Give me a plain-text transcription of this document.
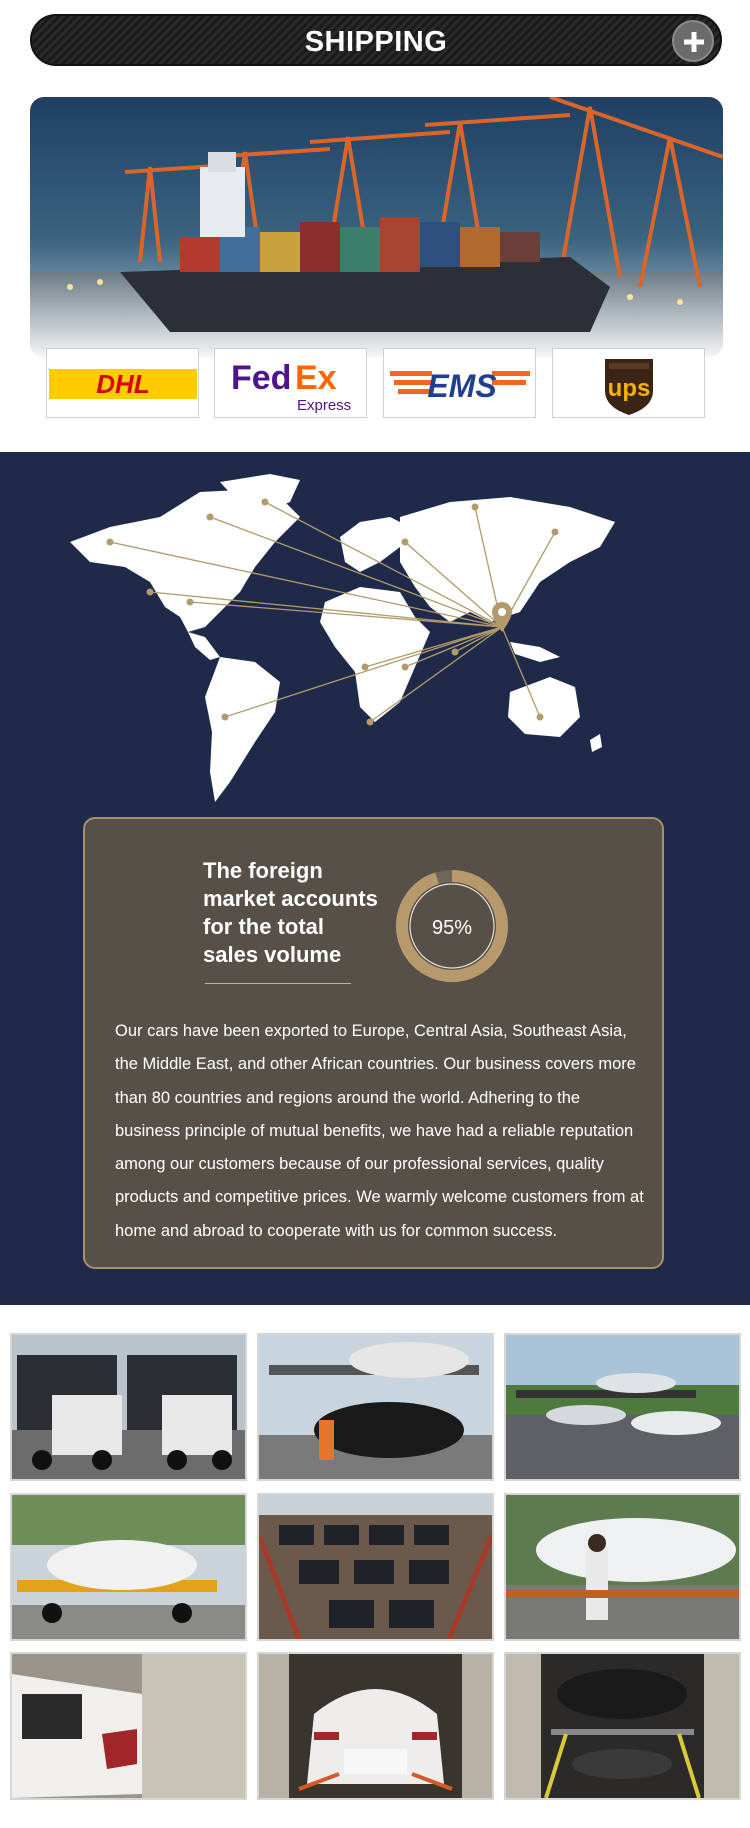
SHIPPING
DHL Fed Ex
Express
EMS	ups
The foreign
market accounts
for the total
sales volume
95%
Our cars have been exported to Europe, Central Asia, Southeast Asia, the Middle East, and other African countries. Our business covers more than 80 countries and regions around the world. Adhering to the business principle of mutual benefits, we have had a reliable reputation among our customers because of our professional services, quality products and competitive prices. We warmly welcome customers from at home and abroad to cooperate with us for common success.
